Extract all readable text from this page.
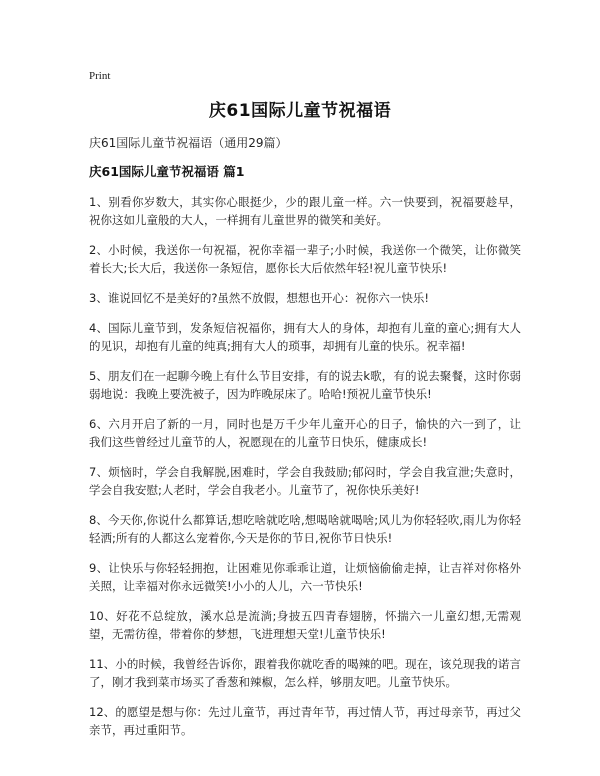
Print
庆61国际儿童节祝福语
庆61国际儿童节祝福语（通用29篇）
庆61国际儿童节祝福语 篇1

1、别看你岁数大，其实你心眼挺少，少的跟儿童一样。六一快要到，祝福要趁早，祝你这如儿童般的大人，一样拥有儿童世界的微笑和美好。

2、小时候，我送你一句祝福，祝你幸福一辈子;小时候，我送你一个微笑，让你微笑着长大;长大后，我送你一条短信，愿你长大后依然年轻!祝儿童节快乐!

3、谁说回忆不是美好的?虽然不放假，想想也开心：祝你六一快乐!

4、国际儿童节到，发条短信祝福你，拥有大人的身体，却抱有儿童的童心;拥有大人的见识，却抱有儿童的纯真;拥有大人的琐事，却拥有儿童的快乐。祝幸福!

5、朋友们在一起聊今晚上有什么节目安排，有的说去k歌，有的说去聚餐，这时你弱弱地说：我晚上要洗被子，因为昨晚尿床了。哈哈!预祝儿童节快乐!

6、六月开启了新的一月，同时也是万千少年儿童开心的日子，愉快的六一到了，让我们这些曾经过儿童节的人，祝愿现在的儿童节日快乐，健康成长!

7、烦恼时，学会自我解脱,困难时，学会自我鼓励;郁闷时，学会自我宣泄;失意时，学会自我安慰;人老时，学会自我老小。儿童节了，祝你快乐美好!

8、今天你,你说什么都算话,想吃啥就吃啥,想喝啥就喝啥;风儿为你轻轻吹,雨儿为你轻轻洒;所有的人都这么宠着你,今天是你的节日,祝你节日快乐!

9、让快乐与你轻轻拥抱，让困难见你乖乖让道，让烦恼偷偷走掉，让吉祥对你格外关照，让幸福对你永远微笑!小小的人儿，六一节快乐!

10、好花不总绽放，溪水总是流淌;身披五四青春翅膀，怀揣六一儿童幻想,无需观望，无需彷徨，带着你的梦想，飞进理想天堂!儿童节快乐!

11、小的时候，我曾经告诉你，跟着我你就吃香的喝辣的吧。现在，该兑现我的诺言了，刚才我到菜市场买了香葱和辣椒，怎么样，够朋友吧。儿童节快乐。

12、的愿望是想与你：先过儿童节，再过青年节，再过情人节，再过母亲节，再过父亲节，再过重阳节。
